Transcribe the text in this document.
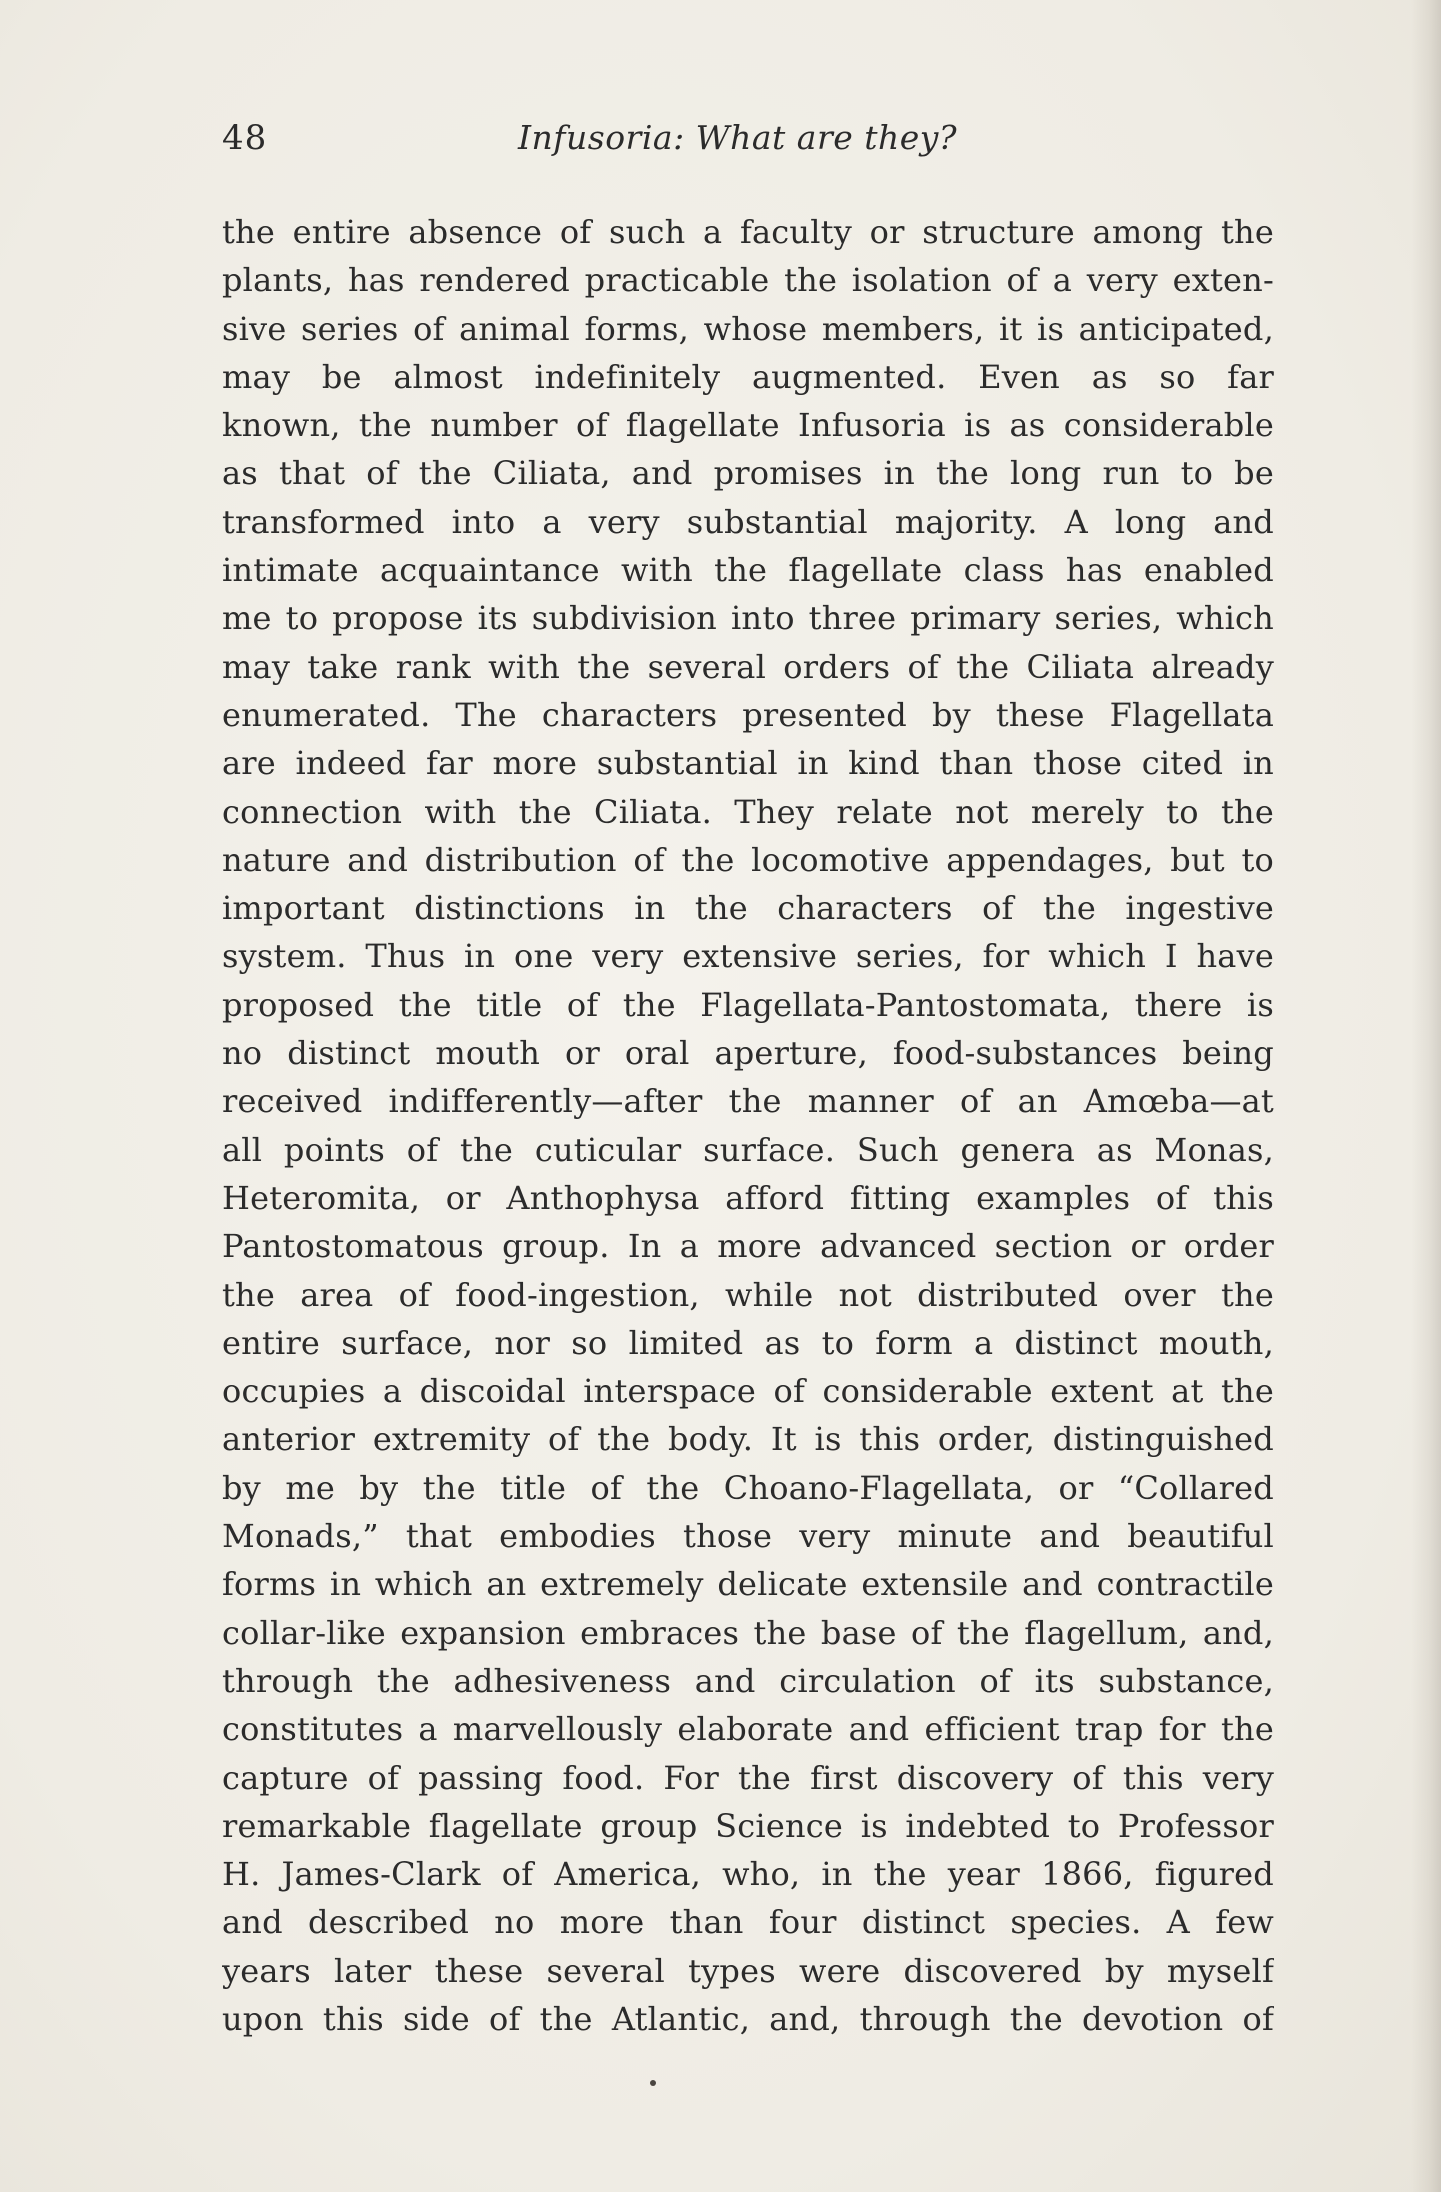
48	Infusoria: What are they?
the entire absence of such a faculty or structure among the
plants, has rendered practicable the isolation of a very exten-
sive series of animal forms, whose members, it is anticipated,
may be almost indefinitely augmented. Even as so far
known, the number of flagellate Infusoria is as considerable
as that of the Ciliata, and promises in the long run to be
transformed into a very substantial majority. A long and
intimate acquaintance with the flagellate class has enabled
me to propose its subdivision into three primary series, which
may take rank with the several orders of the Ciliata already
enumerated. The characters presented by these Flagellata
are indeed far more substantial in kind than those cited in
connection with the Ciliata. They relate not merely to the
nature and distribution of the locomotive appendages, but to
important distinctions in the characters of the ingestive
system. Thus in one very extensive series, for which I have
proposed the title of the Flagellata-Pantostomata, there is
no distinct mouth or oral aperture, food-substances being
received indifferently—after the manner of an Amœba—at
all points of the cuticular surface. Such genera as Monas,
Heteromita, or Anthophysa afford fitting examples of this
Pantostomatous group. In a more advanced section or order
the area of food-ingestion, while not distributed over the
entire surface, nor so limited as to form a distinct mouth,
occupies a discoidal interspace of considerable extent at the
anterior extremity of the body. It is this order, distinguished
by me by the title of the Choano-Flagellata, or “Collared
Monads,” that embodies those very minute and beautiful
forms in which an extremely delicate extensile and contractile
collar-like expansion embraces the base of the flagellum, and,
through the adhesiveness and circulation of its substance,
constitutes a marvellously elaborate and efficient trap for the
capture of passing food. For the first discovery of this very
remarkable flagellate group Science is indebted to Professor
H. James-Clark of America, who, in the year 1866, figured
and described no more than four distinct species. A few
years later these several types were discovered by myself
upon this side of the Atlantic, and, through the devotion of
